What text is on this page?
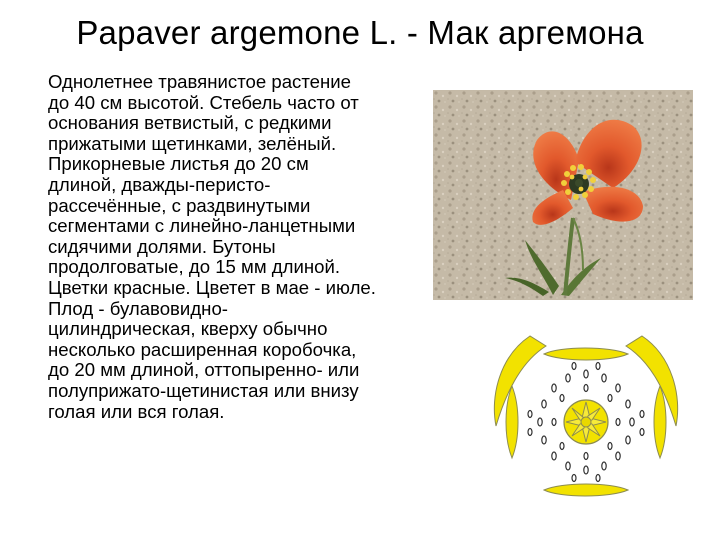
Papaver argemone L. - Мак аргемона
Однолетнее травянистое растение
до 40 см высотой. Стебель часто от
основания ветвистый, с редкими
прижатыми щетинками, зелёный.
Прикорневые листья до 20 см
длиной, дважды-перисто-
рассечённые, с раздвинутыми
сегментами с линейно-ланцетными
сидячими долями. Бутоны
продолговатые, до 15 мм длиной.
Цветки красные. Цветет в мае - июле.
Плод - булавовидно-
цилиндрическая, кверху обычно
несколько расширенная коробочка,
до 20 мм длиной, оттопыренно- или
полуприжато-щетинистая или внизу
голая или вся голая.
